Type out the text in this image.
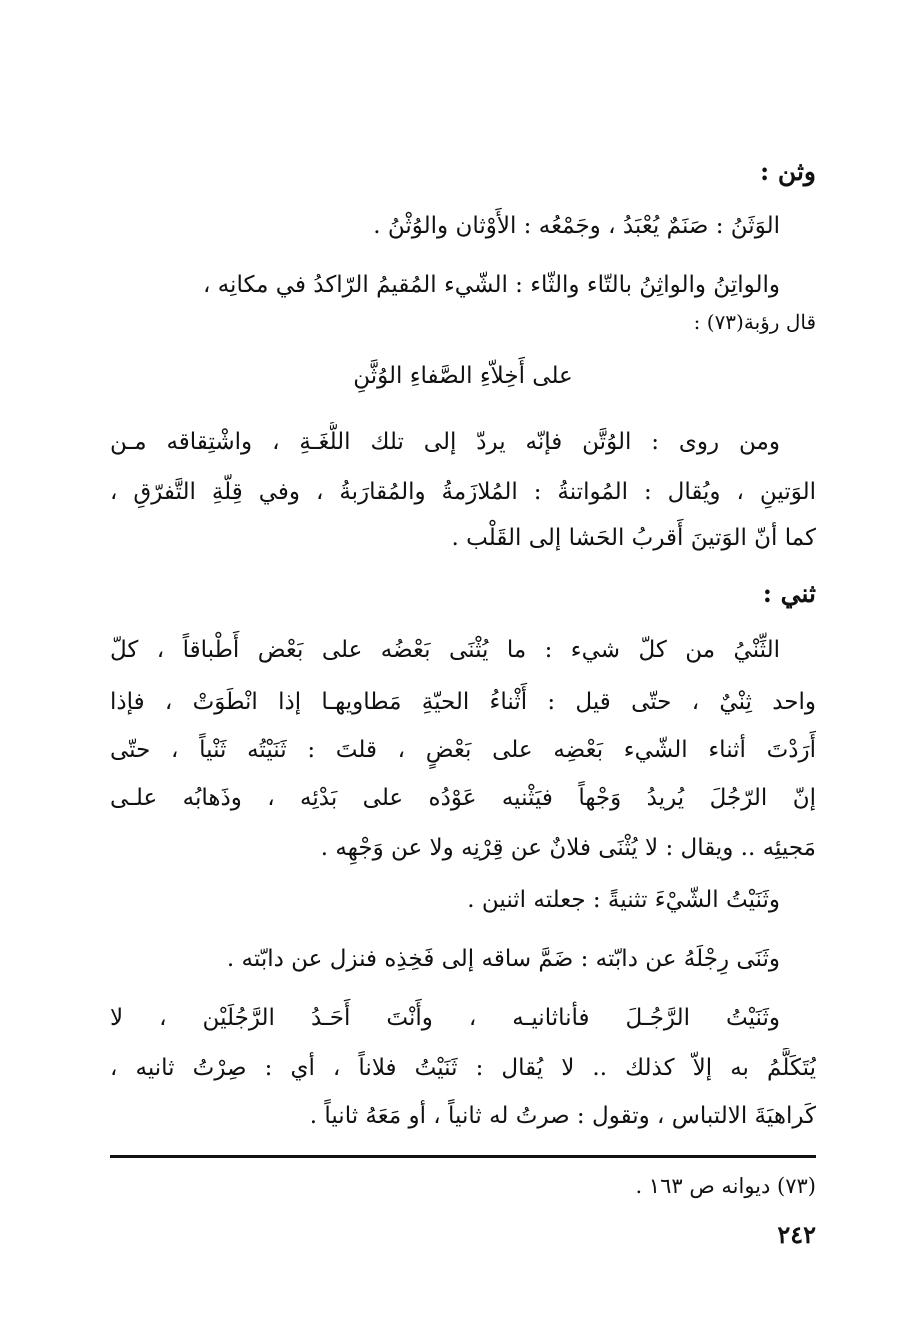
وثن :
الوَثَنُ : صَنَمٌ يُعْبَدُ ، وجَمْعُه : الأَوْثان والوُثْنُ .
والواتِنُ والواثِنُ بالتّاء والثّاء : الشّيء المُقيمُ الرّاكدُ في مكانِه ،
قال رؤبة(٧٣) :
على أَخِلاّءِ الصَّفاءِ الوُثَّنِ
ومن روى : الوُتَّن فإنّه يردّ إلى تلك اللُّغَـةِ ، واشْتِقاقه مـن
الوَتينِ ، ويُقال : المُواتنةُ : المُلازَمةُ والمُقارَبةُ ، وفي قِلّةِ التَّفرّقِ ،
كما أنّ الوَتينَ أَقربُ الحَشا إلى القَلْب .
ثني :
الثِّنْيُ من كلّ شيء : ما يُثْنَى بَعْضُه على بَعْض أَطْباقاً ، كلّ
واحد ثِنْيٌ ، حتّى قيل : أَثْناءُ الحيّةِ مَطاويهـا إذا انْطَوَتْ ، فإذا
أَرَدْتَ أثناء الشّيء بَعْضِه على بَعْضٍ ، قلتَ : ثَنَيْتُه ثَنْياً ، حتّى
إنّ الرّجُلَ يُريدُ وَجْهاً فيَثْنيه عَوْدُه على بَدْئِه ، وذَهابُه علـى
مَجيئِه .. ويقال : لا يُثْنَى فلانٌ عن قِرْنِه ولا عن وَجْهِه .
وثَنَيْتُ الشّيْءَ تثنيةً : جعلته اثنين .
وثَنَى رِجْلَهُ عن دابّته : ضَمَّ ساقه إلى فَخِذِه فنزل عن دابّته .
وثَنَيْتُ الرَّجُـلَ فأناثانيـه ، وأَنْتَ أَحَـدُ الرَّجُلَيْن ، لا
يُتَكَلَّمُ به إلاّ كذلك .. لا يُقال : ثَنَيْتُ فلاناً ، أي : صِرْتُ ثانيه ،
كَراهيَةَ الالتباس ، وتقول : صرتُ له ثانياً ، أو مَعَهُ ثانياً .
(٧٣) ديوانه ص ١٦٣ .
٢٤٢
